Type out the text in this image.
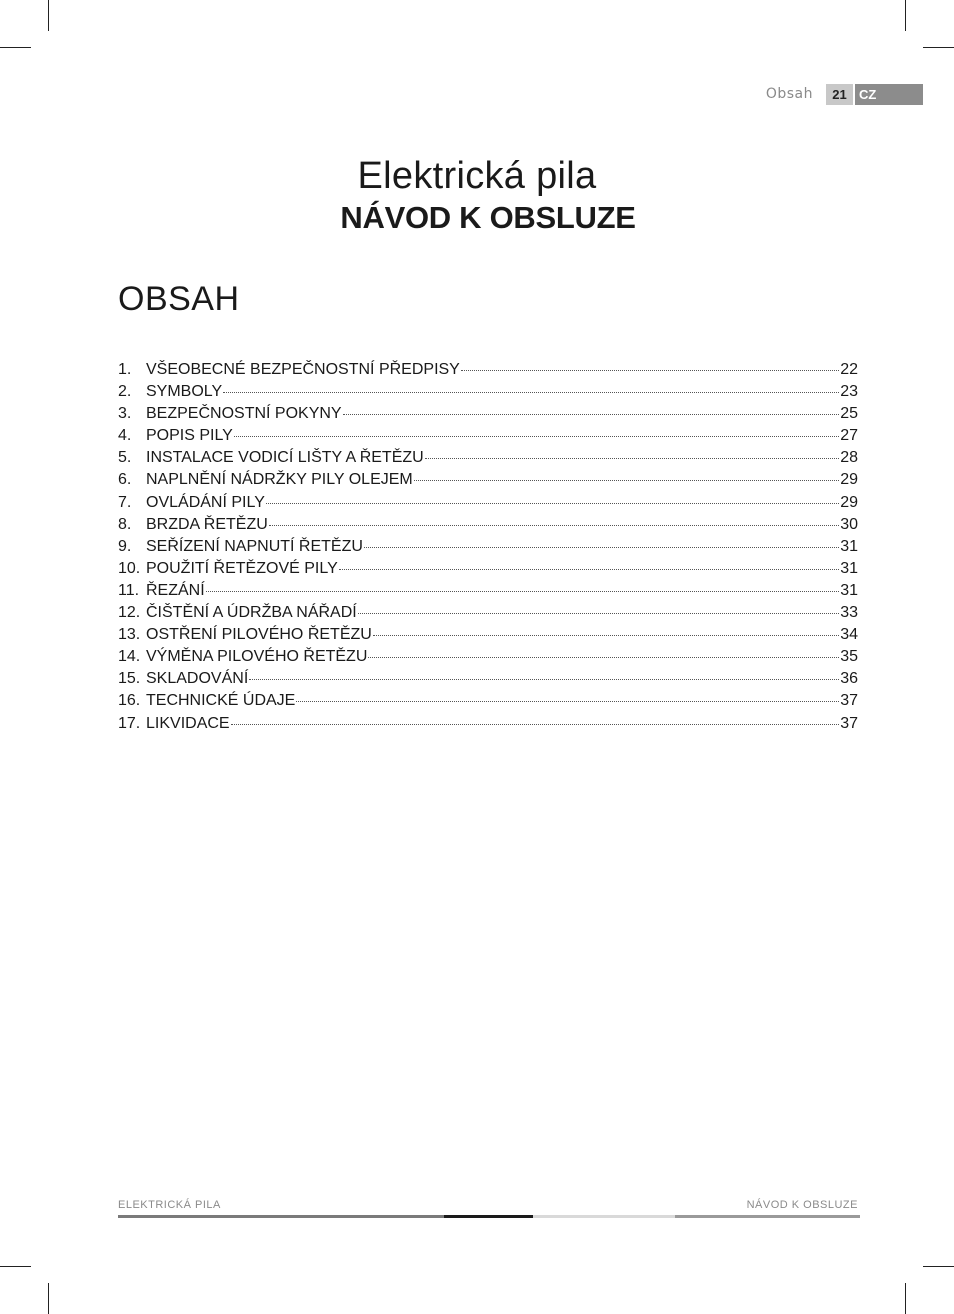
Obsah	21 CZ
Elektrická pila
NÁVOD K OBSLUZE
OBSAH
1. VŠEOBECNÉ BEZPEČNOSTNÍ PŘEDPISY	22
2. SYMBOLY	23
3. BEZPEČNOSTNÍ POKYNY	25
4. POPIS PILY	27
5. INSTALACE VODICÍ LIŠTY A ŘETĚZU	28
6. NAPLNĚNÍ NÁDRŽKY PILY OLEJEM	29
7. OVLÁDÁNÍ PILY	29
8. BRZDA ŘETĚZU	30
9. SEŘÍZENÍ NAPNUTÍ ŘETĚZU	31
10. POUŽITÍ ŘETĚZOVÉ PILY	31
11. ŘEZÁNÍ	31
12. ČIŠTĚNÍ A ÚDRŽBA NÁŘADÍ	33
13. OSTŘENÍ PILOVÉHO ŘETĚZU	34
14. VÝMĚNA PILOVÉHO ŘETĚZU	35
15. SKLADOVÁNÍ	36
16. TECHNICKÉ ÚDAJE	37
17. LIKVIDACE	37
ELEKTRICKÁ PILA	NÁVOD K OBSLUZE
